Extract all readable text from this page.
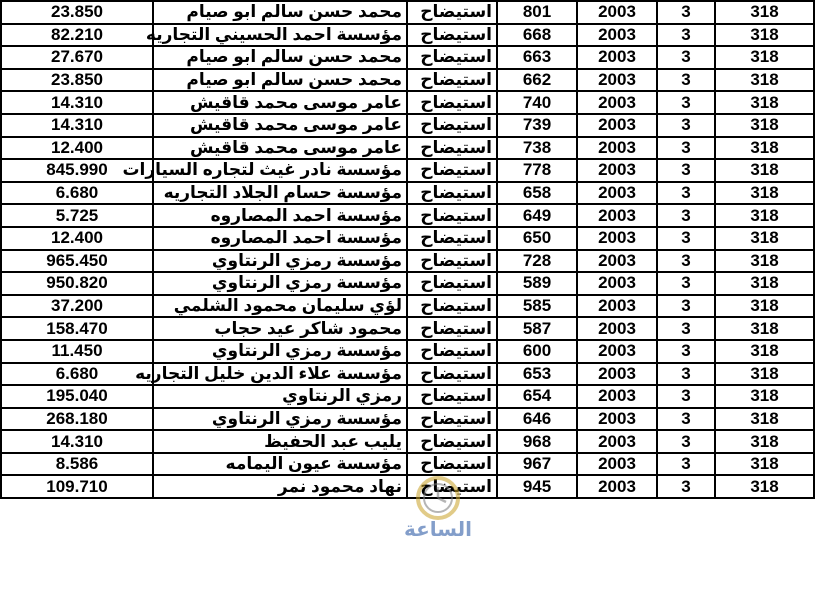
23.850	محمد حسن سالم ابو صيام	استيضاح	801	2003	3	318
82.210	مؤسسة احمد الحسيني التجاريه	استيضاح	668	2003	3	318
27.670	محمد حسن سالم ابو صيام	استيضاح	663	2003	3	318
23.850	محمد حسن سالم ابو صيام	استيضاح	662	2003	3	318
14.310	عامر موسى محمد قاقيش	استيضاح	740	2003	3	318
14.310	عامر موسى محمد قاقيش	استيضاح	739	2003	3	318
12.400	عامر موسى محمد قاقيش	استيضاح	738	2003	3	318
845.990	مؤسسة نادر غيث لتجاره السيارات	استيضاح	778	2003	3	318
6.680	مؤسسة حسام الجلاد التجاريه	استيضاح	658	2003	3	318
5.725	مؤسسة احمد المصاروه	استيضاح	649	2003	3	318
12.400	مؤسسة احمد المصاروه	استيضاح	650	2003	3	318
965.450	مؤسسة رمزي الرنتاوي	استيضاح	728	2003	3	318
950.820	مؤسسة رمزي الرنتاوي	استيضاح	589	2003	3	318
37.200	لؤي سليمان محمود الشلمي	استيضاح	585	2003	3	318
158.470	محمود شاكر عيد حجاب	استيضاح	587	2003	3	318
11.450	مؤسسة رمزي الرنتاوي	استيضاح	600	2003	3	318
6.680	مؤسسة علاء الدين خليل التجاريه	استيضاح	653	2003	3	318
195.040	رمزي الرنتاوي	استيضاح	654	2003	3	318
268.180	مؤسسة رمزي الرنتاوي	استيضاح	646	2003	3	318
14.310	يليب عبد الحفيظ	استيضاح	968	2003	3	318
8.586	مؤسسة عيون اليمامه	استيضاح	967	2003	3	318
109.710	نهاد محمود نمر	استيضاح	945	2003	3	318
الساعة
